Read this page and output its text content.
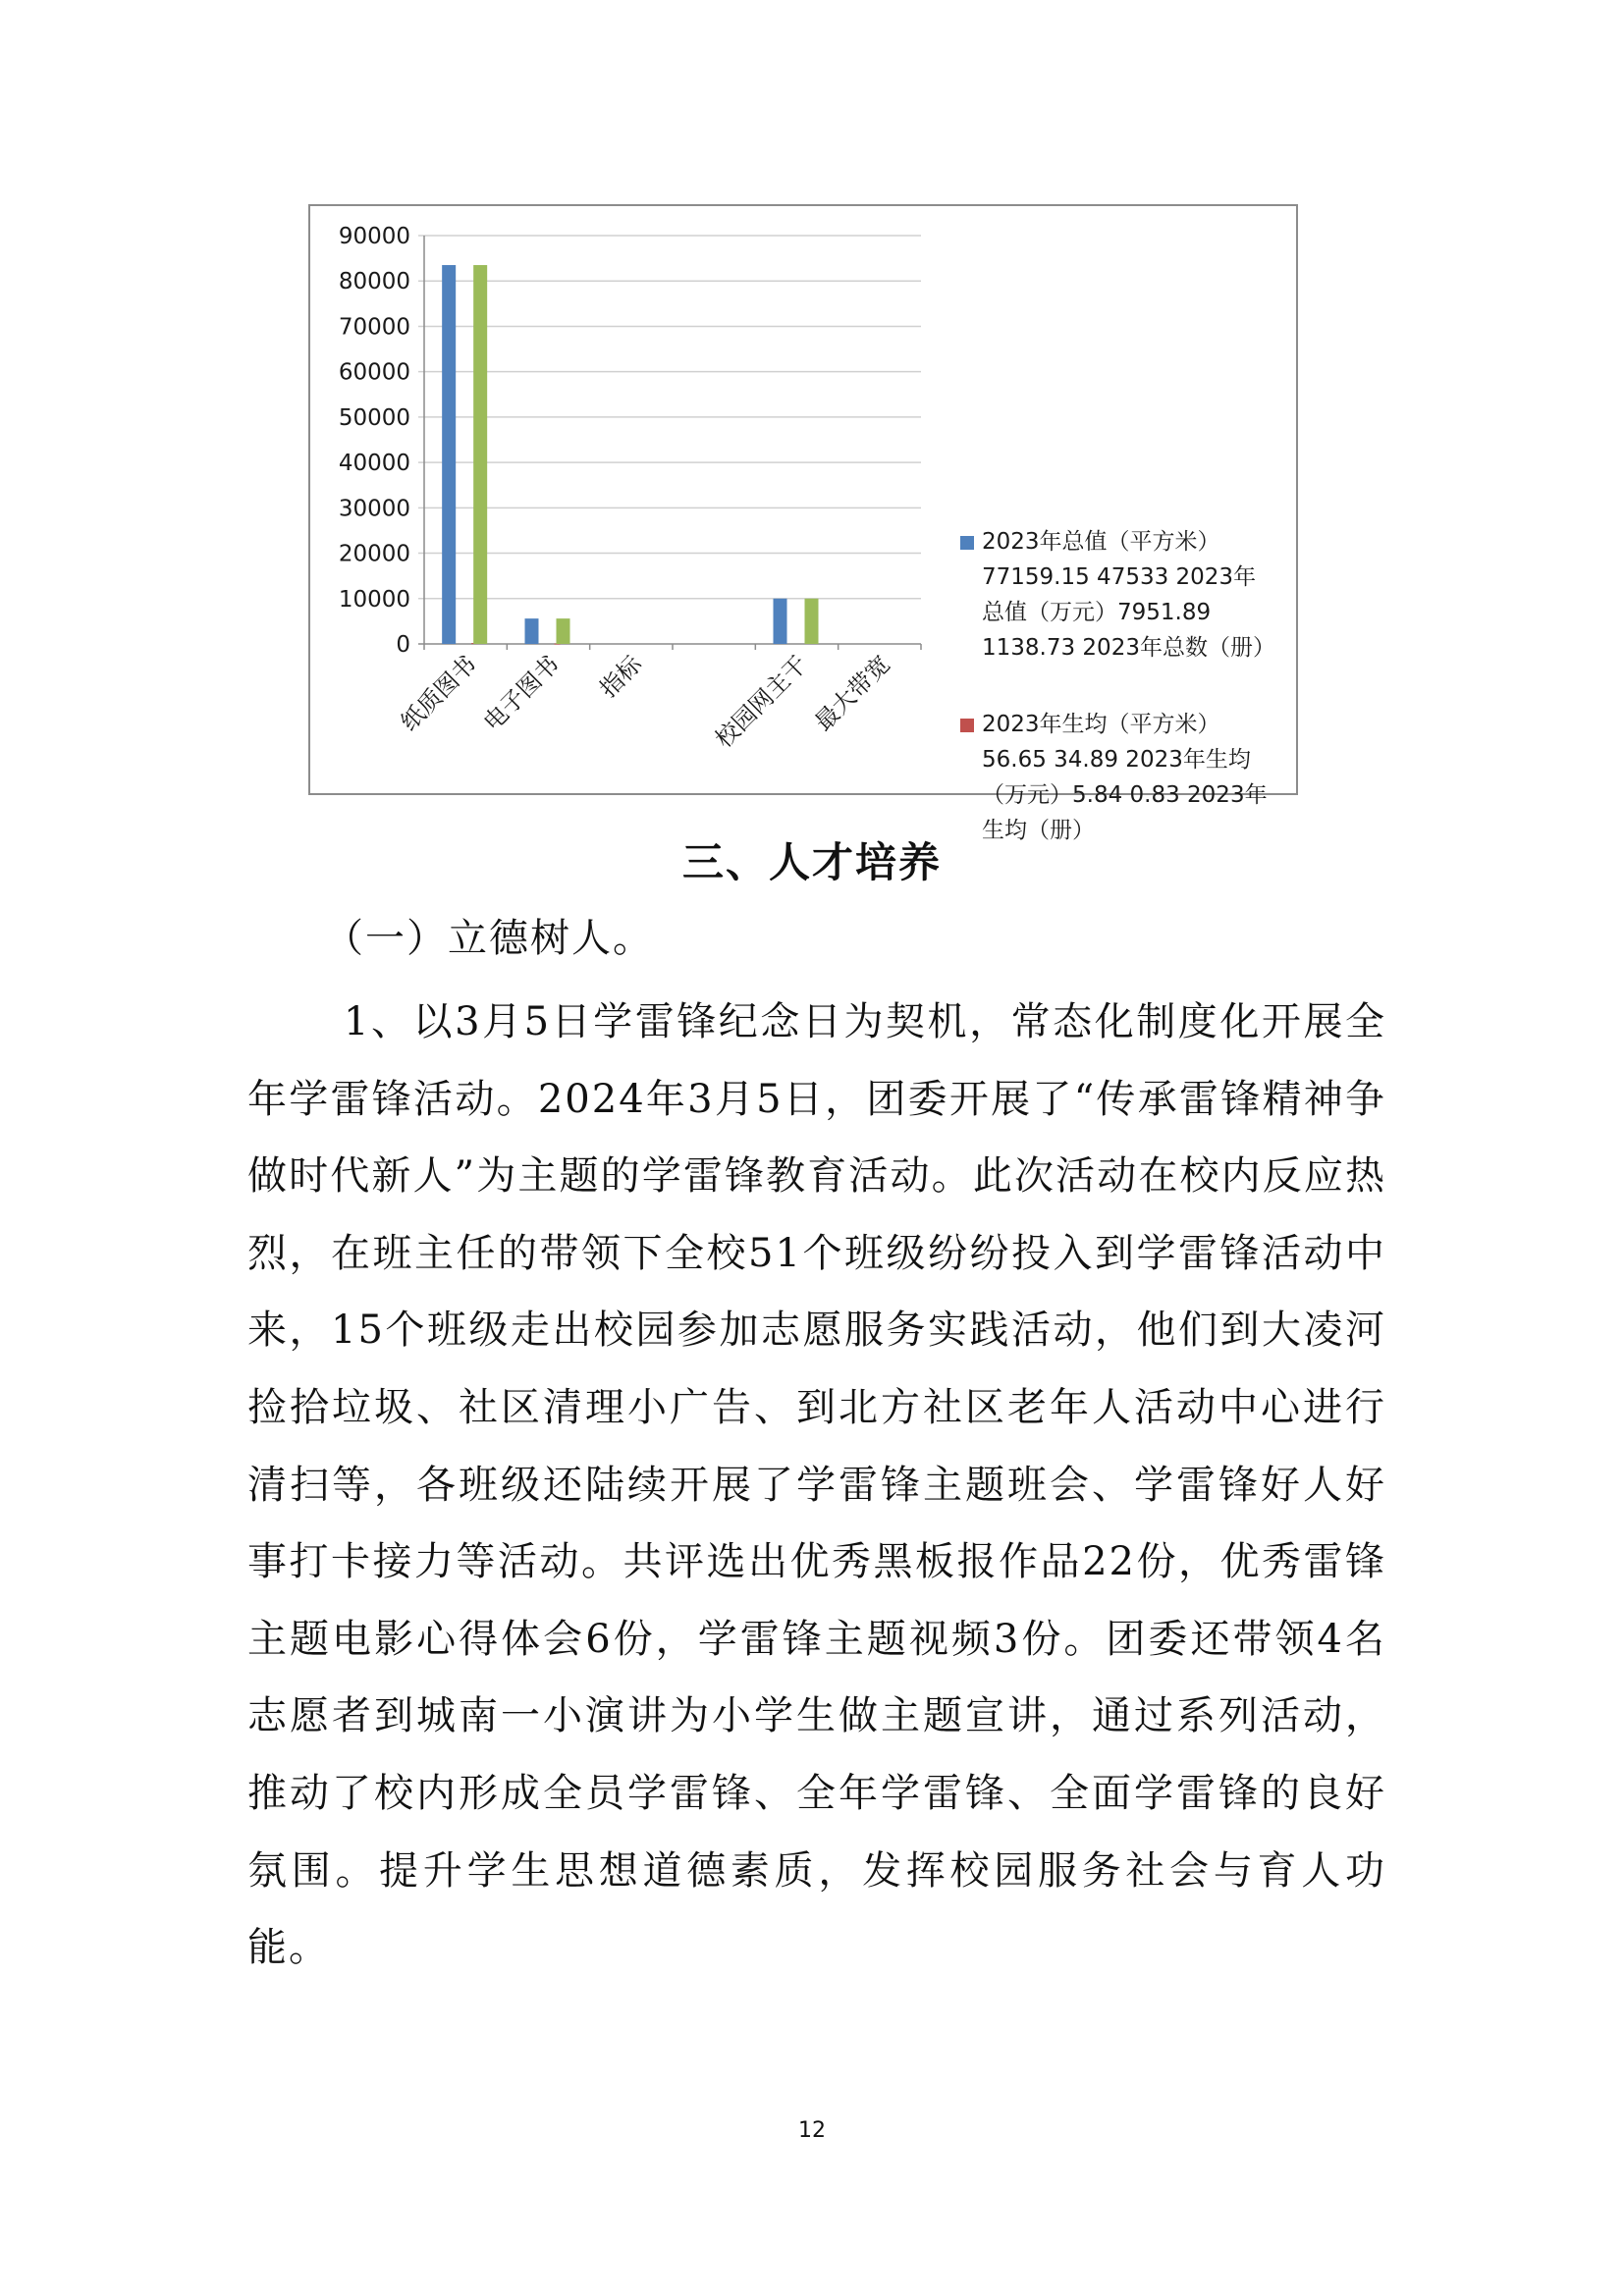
90000
80000
70000
60000
50000
40000
30000
20000
10000
0
纸质图书
电子图书 指标	校园网主干
最大带宽
2023年总值（平方米）77159.15 47533 2023年总值（万元）7951.89 1138.73 2023年总数（册）
2023年生均（平方米）56.65 34.89 2023年生均（万元）5.84 0.83 2023年生均（册）
三、人才培养
（一）立德树人。
1、以3月5日学雷锋纪念日为契机，常态化制度化开展全年学雷锋活动。2024年3月5日，团委开展了“传承雷锋精神争做时代新人”为主题的学雷锋教育活动。此次活动在校内反应热烈，在班主任的带领下全校51个班级纷纷投入到学雷锋活动中来，15个班级走出校园参加志愿服务实践活动，他们到大凌河捡拾垃圾、社区清理小广告、到北方社区老年人活动中心进行清扫等，各班级还陆续开展了学雷锋主题班会、学雷锋好人好事打卡接力等活动。共评选出优秀黑板报作品22份，优秀雷锋主题电影心得体会6份，学雷锋主题视频3份。团委还带领4名志愿者到城南一小演讲为小学生做主题宣讲，通过系列活动，推动了校内形成全员学雷锋、全年学雷锋、全面学雷锋的良好氛围。提升学生思想道德素质，发挥校园服务社会与育人功能。
12
